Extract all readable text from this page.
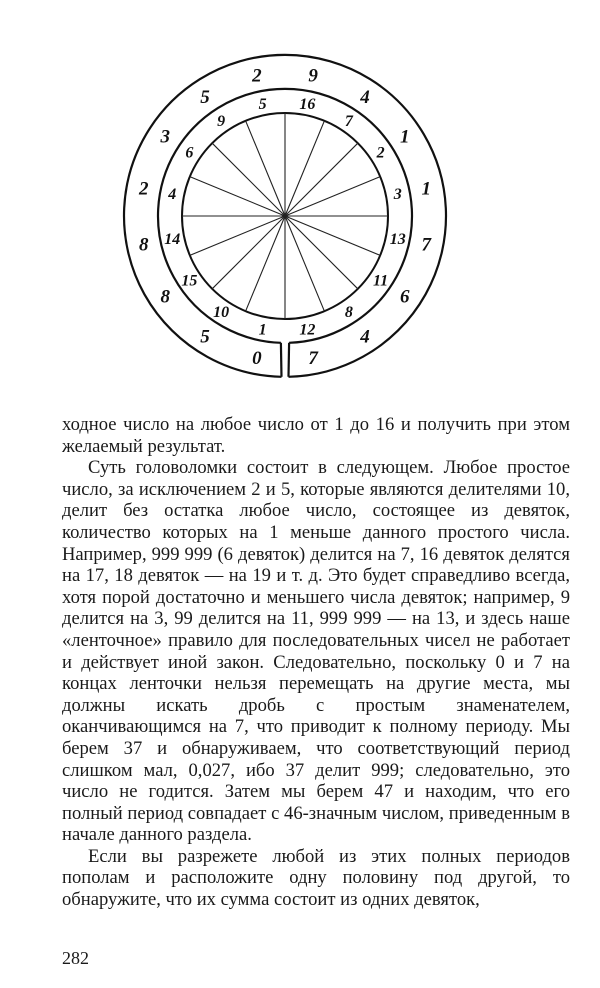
9
4
1
1
7
6
4
7
0
5
8
8
2
3
5
2
16
7
2
3
13
11
8
12
1
10
15
14
4
6
9
5

ходное число на любое число от 1 до 16 и получить при этом желаемый результат.

Суть головоломки состоит в следующем. Любое простое число, за исключением 2 и 5, которые являются делителями 10, делит без остатка любое число, состоящее из девяток, количество которых на 1 меньше данного простого числа. Например, 999 999 (6 девяток) делится на 7, 16 девяток делятся на 17, 18 девяток — на 19 и т. д. Это будет справедливо всегда, хотя порой достаточно и меньшего числа девяток; например, 9 делится на 3, 99 делится на 11, 999 999 — на 13, и здесь наше «ленточное» правило для последовательных чисел не работает и действует иной закон. Следовательно, поскольку 0 и 7 на концах ленточки нельзя перемещать на другие места, мы должны искать дробь с простым знаменателем, оканчивающимся на 7, что приводит к полному периоду. Мы берем 37 и обнаруживаем, что соответствующий период слишком мал, 0,027, ибо 37 делит 999; следовательно, это число не годится. Затем мы берем 47 и находим, что его полный период совпадает с 46-значным числом, приведенным в начале данного раздела.

Если вы разрежете любой из этих полных периодов пополам и расположите одну половину под другой, то обнаружите, что их сумма состоит из одних девяток,

282
